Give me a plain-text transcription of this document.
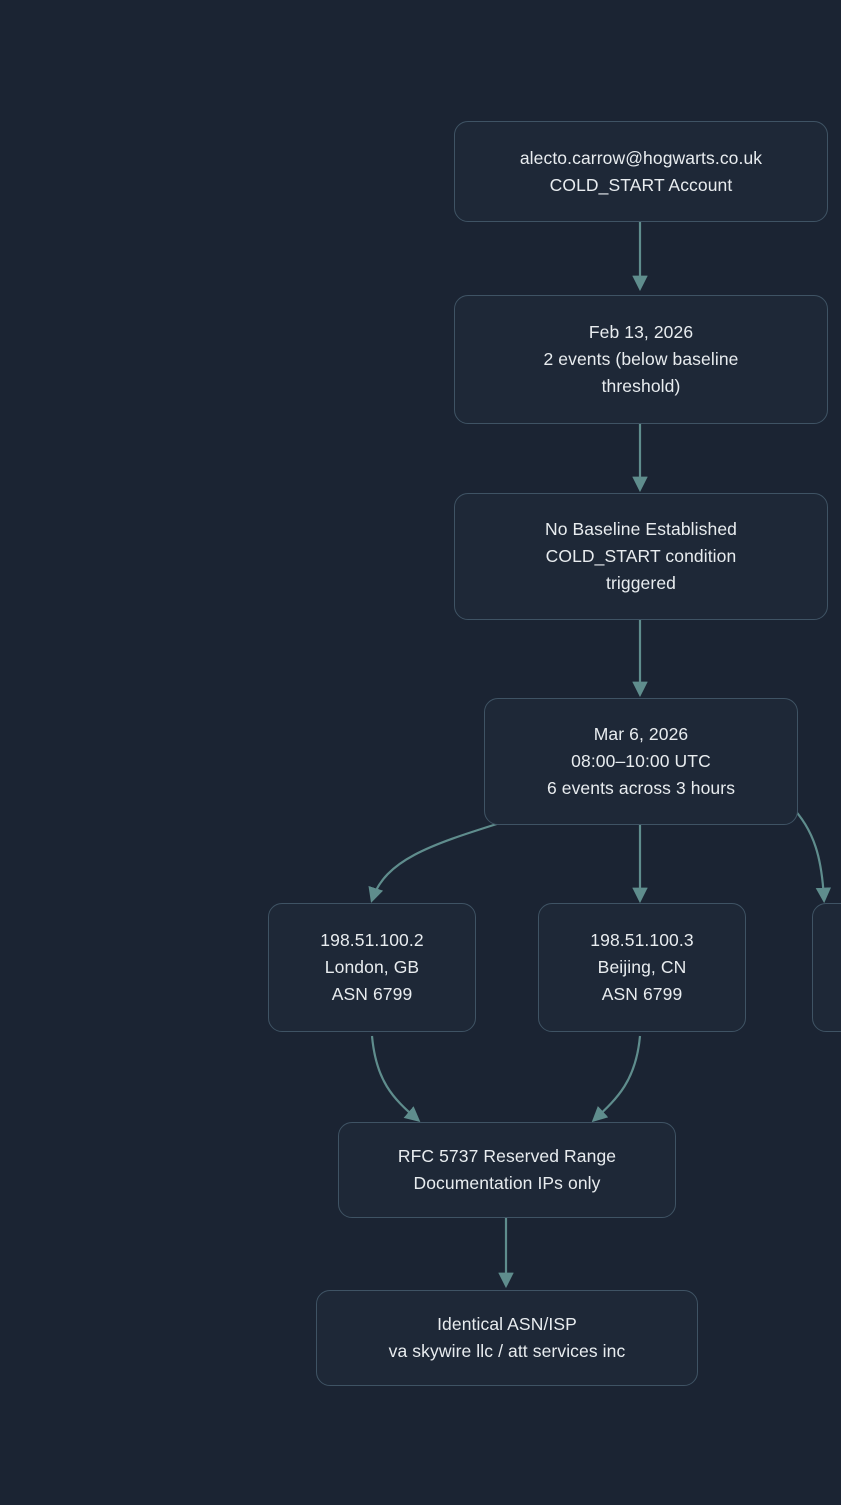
alecto.carrow@hogwarts.co.uk
COLD_START Account
Feb 13, 2026
2 events (below baseline
threshold)
No Baseline Established
COLD_START condition
triggered
Mar 6, 2026
08:00–10:00 UTC
6 events across 3 hours
198.51.100.2
London, GB
ASN 6799
198.51.100.3
Beijing, CN
ASN 6799
RFC 5737 Reserved Range
Documentation IPs only
Identical ASN/ISP
va skywire llc / att services inc
